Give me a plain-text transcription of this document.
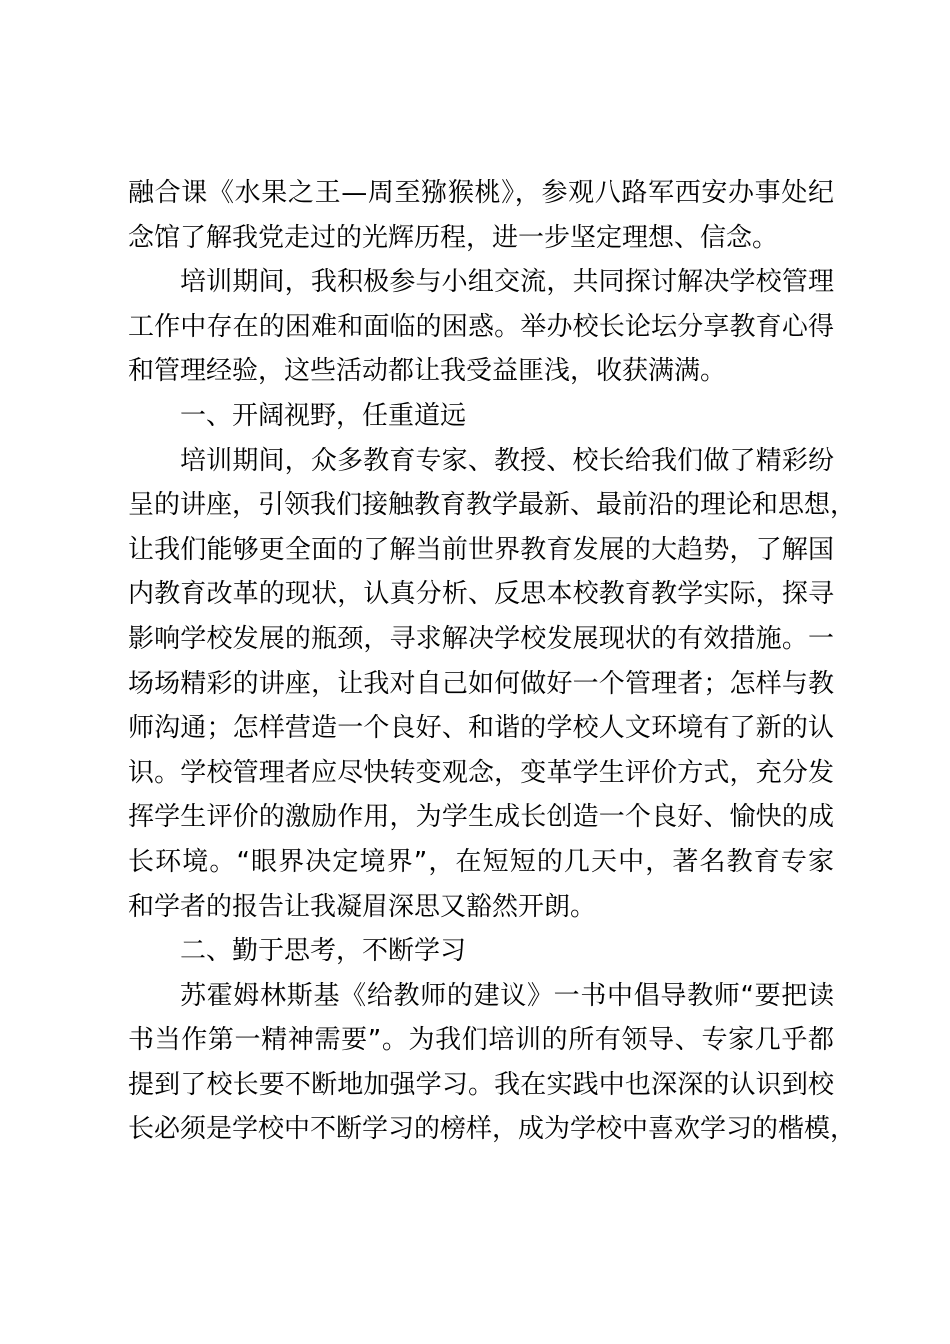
融合课《水果之王—周至猕猴桃》，参观八路军西安办事处纪
念馆了解我党走过的光辉历程，进一步坚定理想、信念。
培训期间，我积极参与小组交流，共同探讨解决学校管理
工作中存在的困难和面临的困惑。举办校长论坛分享教育心得
和管理经验，这些活动都让我受益匪浅，收获满满。
一、开阔视野，任重道远
培训期间，众多教育专家、教授、校长给我们做了精彩纷
呈的讲座，引领我们接触教育教学最新、最前沿的理论和思想，
让我们能够更全面的了解当前世界教育发展的大趋势，了解国
内教育改革的现状，认真分析、反思本校教育教学实际，探寻
影响学校发展的瓶颈，寻求解决学校发展现状的有效措施。一
场场精彩的讲座，让我对自己如何做好一个管理者；怎样与教
师沟通；怎样营造一个良好、和谐的学校人文环境有了新的认
识。学校管理者应尽快转变观念，变革学生评价方式，充分发
挥学生评价的激励作用，为学生成长创造一个良好、愉快的成
长环境。“眼界决定境界”，在短短的几天中，著名教育专家
和学者的报告让我凝眉深思又豁然开朗。
二、勤于思考，不断学习
苏霍姆林斯基《给教师的建议》一书中倡导教师“要把读
书当作第一精神需要”。为我们培训的所有领导、专家几乎都
提到了校长要不断地加强学习。我在实践中也深深的认识到校
长必须是学校中不断学习的榜样，成为学校中喜欢学习的楷模，
